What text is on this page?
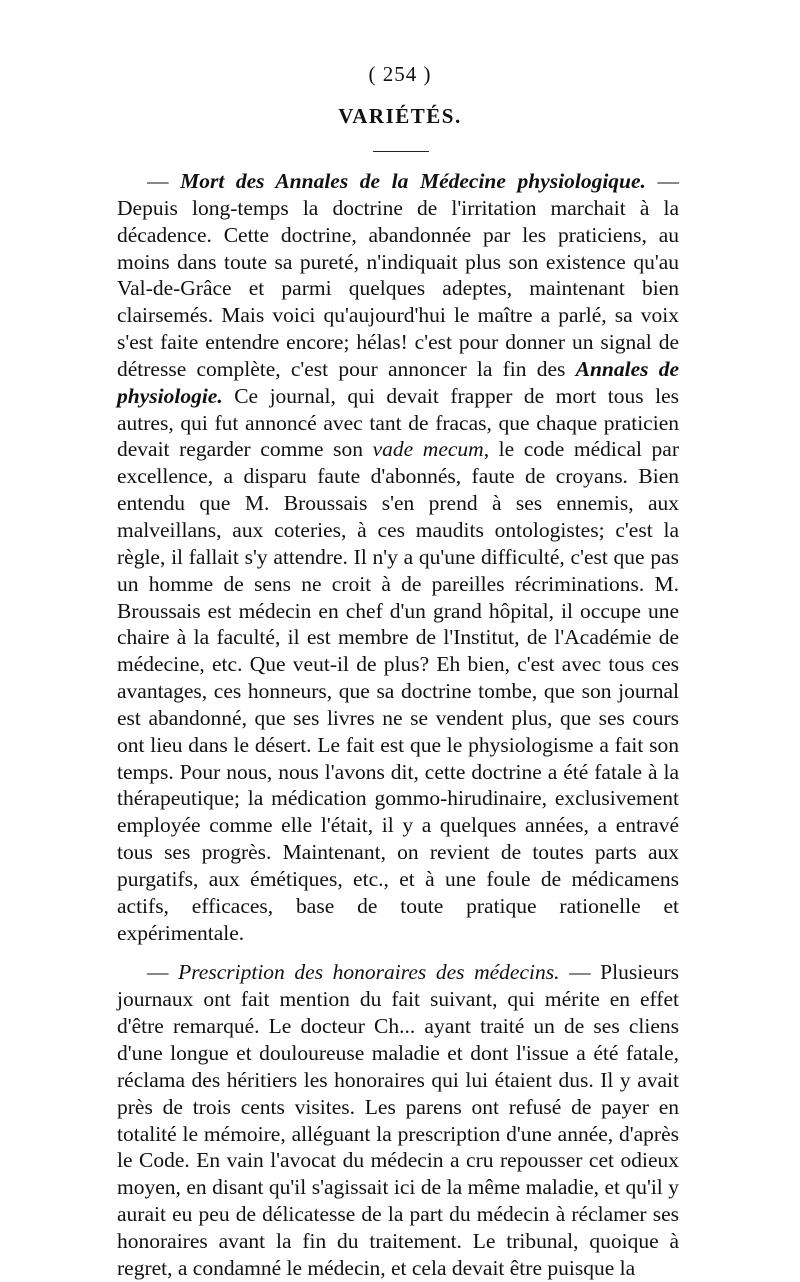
( 254 )
VARIÉTÉS.

— Mort des Annales de la Médecine physiologique. — Depuis long-temps la doctrine de l'irritation marchait à la décadence. Cette doctrine, abandonnée par les praticiens, au moins dans toute sa pureté, n'indiquait plus son existence qu'au Val-de-Grâce et parmi quelques adeptes, maintenant bien clairsemés. Mais voici qu'aujourd'hui le maître a parlé, sa voix s'est faite entendre encore; hélas! c'est pour donner un signal de détresse complète, c'est pour annoncer la fin des Annales de physiologie. Ce journal, qui devait frapper de mort tous les autres, qui fut annoncé avec tant de fracas, que chaque praticien devait regarder comme son vade mecum, le code médical par excellence, a disparu faute d'abonnés, faute de croyans. Bien entendu que M. Broussais s'en prend à ses ennemis, aux malveillans, aux coteries, à ces maudits ontologistes; c'est la règle, il fallait s'y attendre. Il n'y a qu'une difficulté, c'est que pas un homme de sens ne croit à de pareilles récriminations. M. Broussais est médecin en chef d'un grand hôpital, il occupe une chaire à la faculté, il est membre de l'Institut, de l'Académie de médecine, etc. Que veut-il de plus? Eh bien, c'est avec tous ces avantages, ces honneurs, que sa doctrine tombe, que son journal est abandonné, que ses livres ne se vendent plus, que ses cours ont lieu dans le désert. Le fait est que le physiologisme a fait son temps. Pour nous, nous l'avons dit, cette doctrine a été fatale à la thérapeutique; la médication gommo-hirudinaire, exclusivement employée comme elle l'était, il y a quelques années, a entravé tous ses progrès. Maintenant, on revient de toutes parts aux purgatifs, aux émétiques, etc., et à une foule de médicamens actifs, efficaces, base de toute pratique rationelle et expérimentale.

— Prescription des honoraires des médecins. — Plusieurs journaux ont fait mention du fait suivant, qui mérite en effet d'être remarqué. Le docteur Ch... ayant traité un de ses cliens d'une longue et douloureuse maladie et dont l'issue a été fatale, réclama des héritiers les honoraires qui lui étaient dus. Il y avait près de trois cents visites. Les parens ont refusé de payer en totalité le mémoire, alléguant la prescription d'une année, d'après le Code. En vain l'avocat du médecin a cru repousser cet odieux moyen, en disant qu'il s'agissait ici de la même maladie, et qu'il y aurait eu peu de délicatesse de la part du médecin à réclamer ses honoraires avant la fin du traitement. Le tribunal, quoique à regret, a condamné le médecin, et cela devait être puisque la
